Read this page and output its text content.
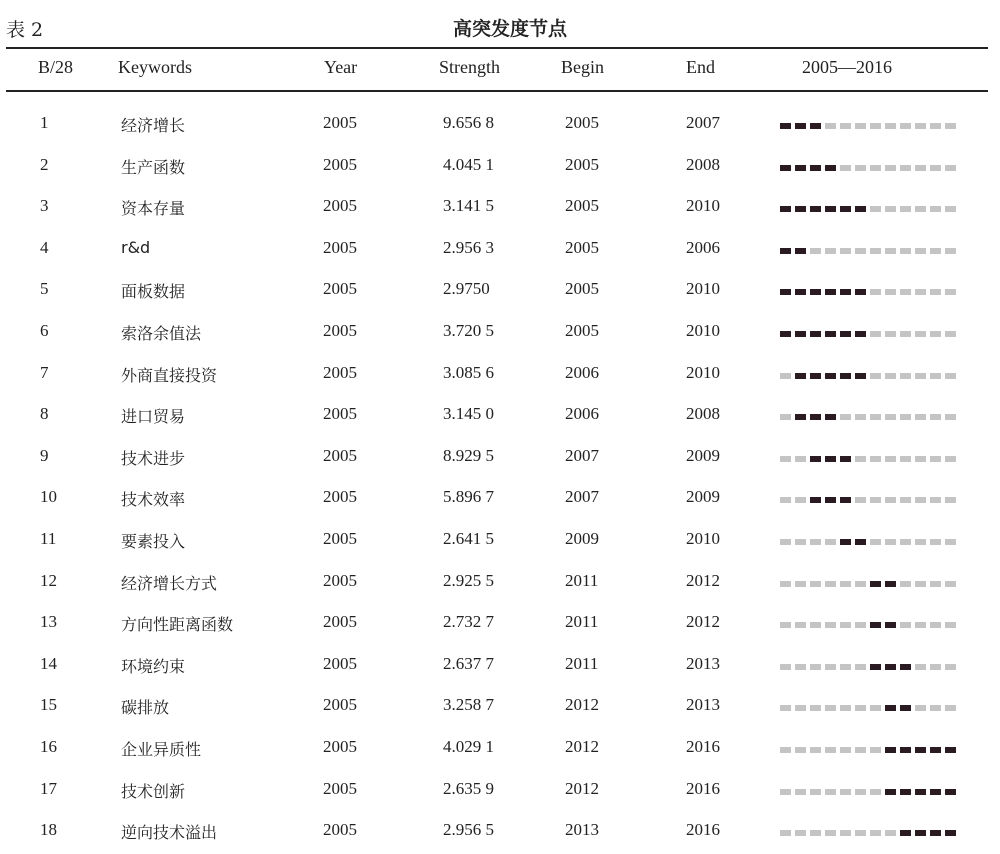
表 2	高突发度节点
B/28 Keywords	Year	Strength	Begin	End	2005—2016
1	经济增长	2005	9.656 8	2005	2007
2	生产函数	2005	4.045 1	2005	2008
3	资本存量	2005	3.141 5	2005	2010
4	r&d	2005	2.956 3	2005	2006
5	面板数据	2005	2.9750	2005	2010
6	索洛余值法	2005	3.720 5	2005	2010
7	外商直接投资	2005	3.085 6	2006	2010
8	进口贸易	2005	3.145 0	2006	2008
9	技术进步	2005	8.929 5	2007	2009
10	技术效率	2005	5.896 7	2007	2009
11	要素投入	2005	2.641 5	2009	2010
12	经济增长方式	2005	2.925 5	2011	2012
13	方向性距离函数	2005	2.732 7	2011	2012
14	环境约束	2005	2.637 7	2011	2013
15	碳排放	2005	3.258 7	2012	2013
16	企业异质性	2005	4.029 1	2012	2016
17	技术创新	2005	2.635 9	2012	2016
18	逆向技术溢出	2005	2.956 5	2013	2016
